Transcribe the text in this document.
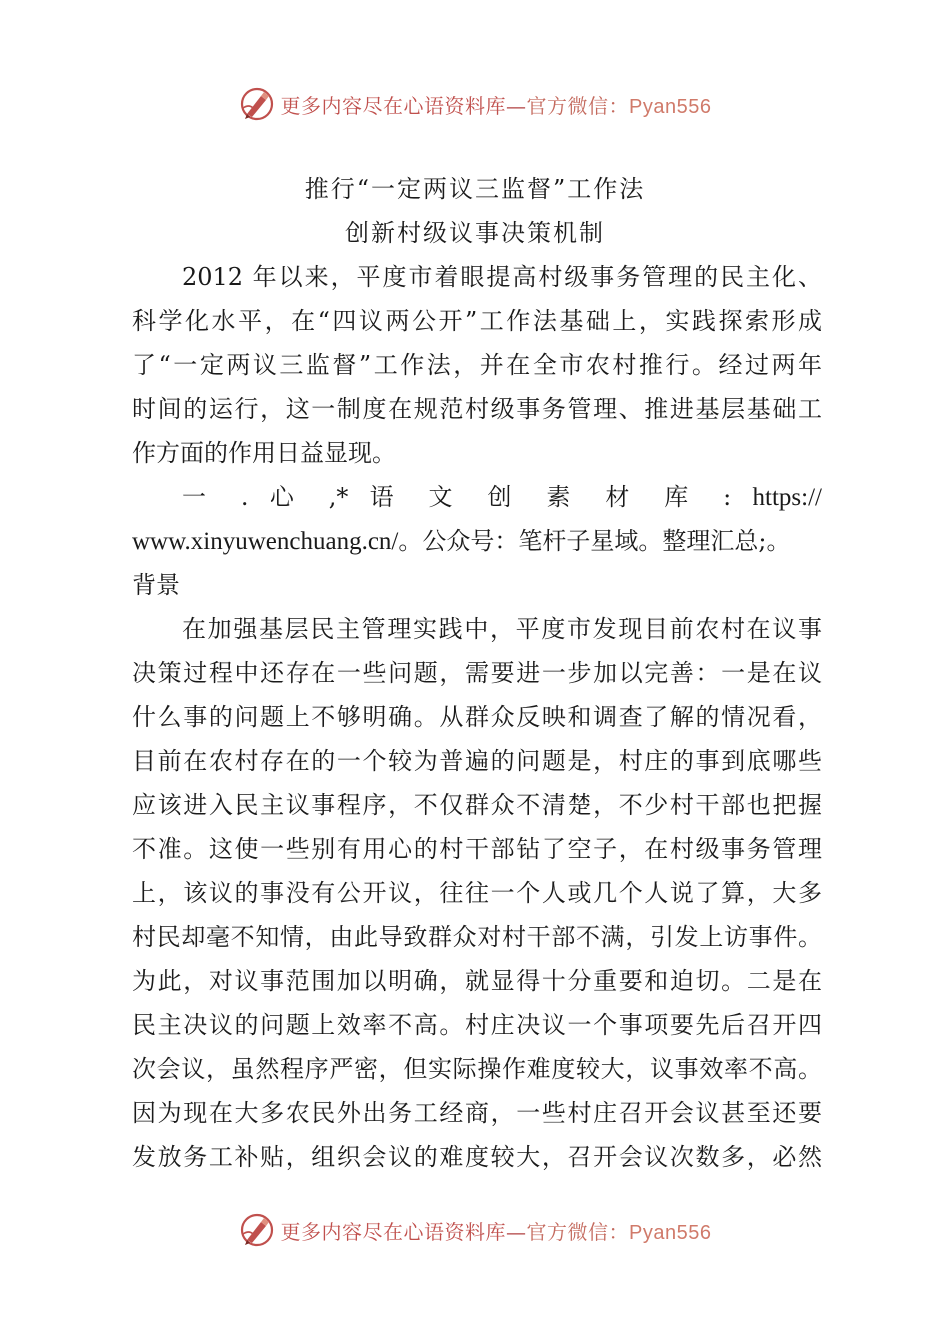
更多内容尽在心语资料库—官方微信：Pyan556
推行“一定两议三监督”工作法
创新村级议事决策机制
2012 年以来，平度市着眼提高村级事务管理的民主化、
科学化水平，在“四议两公开”工作法基础上，实践探索形成
了“一定两议三监督”工作法，并在全市农村推行。经过两年
时间的运行，这一制度在规范村级事务管理、推进基层基础工
作方面的作用日益显现。
一 . 心 ,* 语 文 创 素 材 库 : https://
www.xinyuwenchuang.cn/。公众号：笔杆子星域。整理汇总;。
背景
在加强基层民主管理实践中，平度市发现目前农村在议事
决策过程中还存在一些问题，需要进一步加以完善：一是在议
什么事的问题上不够明确。从群众反映和调查了解的情况看，
目前在农村存在的一个较为普遍的问题是，村庄的事到底哪些
应该进入民主议事程序，不仅群众不清楚，不少村干部也把握
不准。这使一些别有用心的村干部钻了空子，在村级事务管理
上，该议的事没有公开议，往往一个人或几个人说了算，大多
村民却毫不知情，由此导致群众对村干部不满，引发上访事件。
为此，对议事范围加以明确，就显得十分重要和迫切。二是在
民主决议的问题上效率不高。村庄决议一个事项要先后召开四
次会议，虽然程序严密，但实际操作难度较大，议事效率不高。
因为现在大多农民外出务工经商，一些村庄召开会议甚至还要
发放务工补贴，组织会议的难度较大，召开会议次数多，必然
更多内容尽在心语资料库—官方微信：Pyan556
